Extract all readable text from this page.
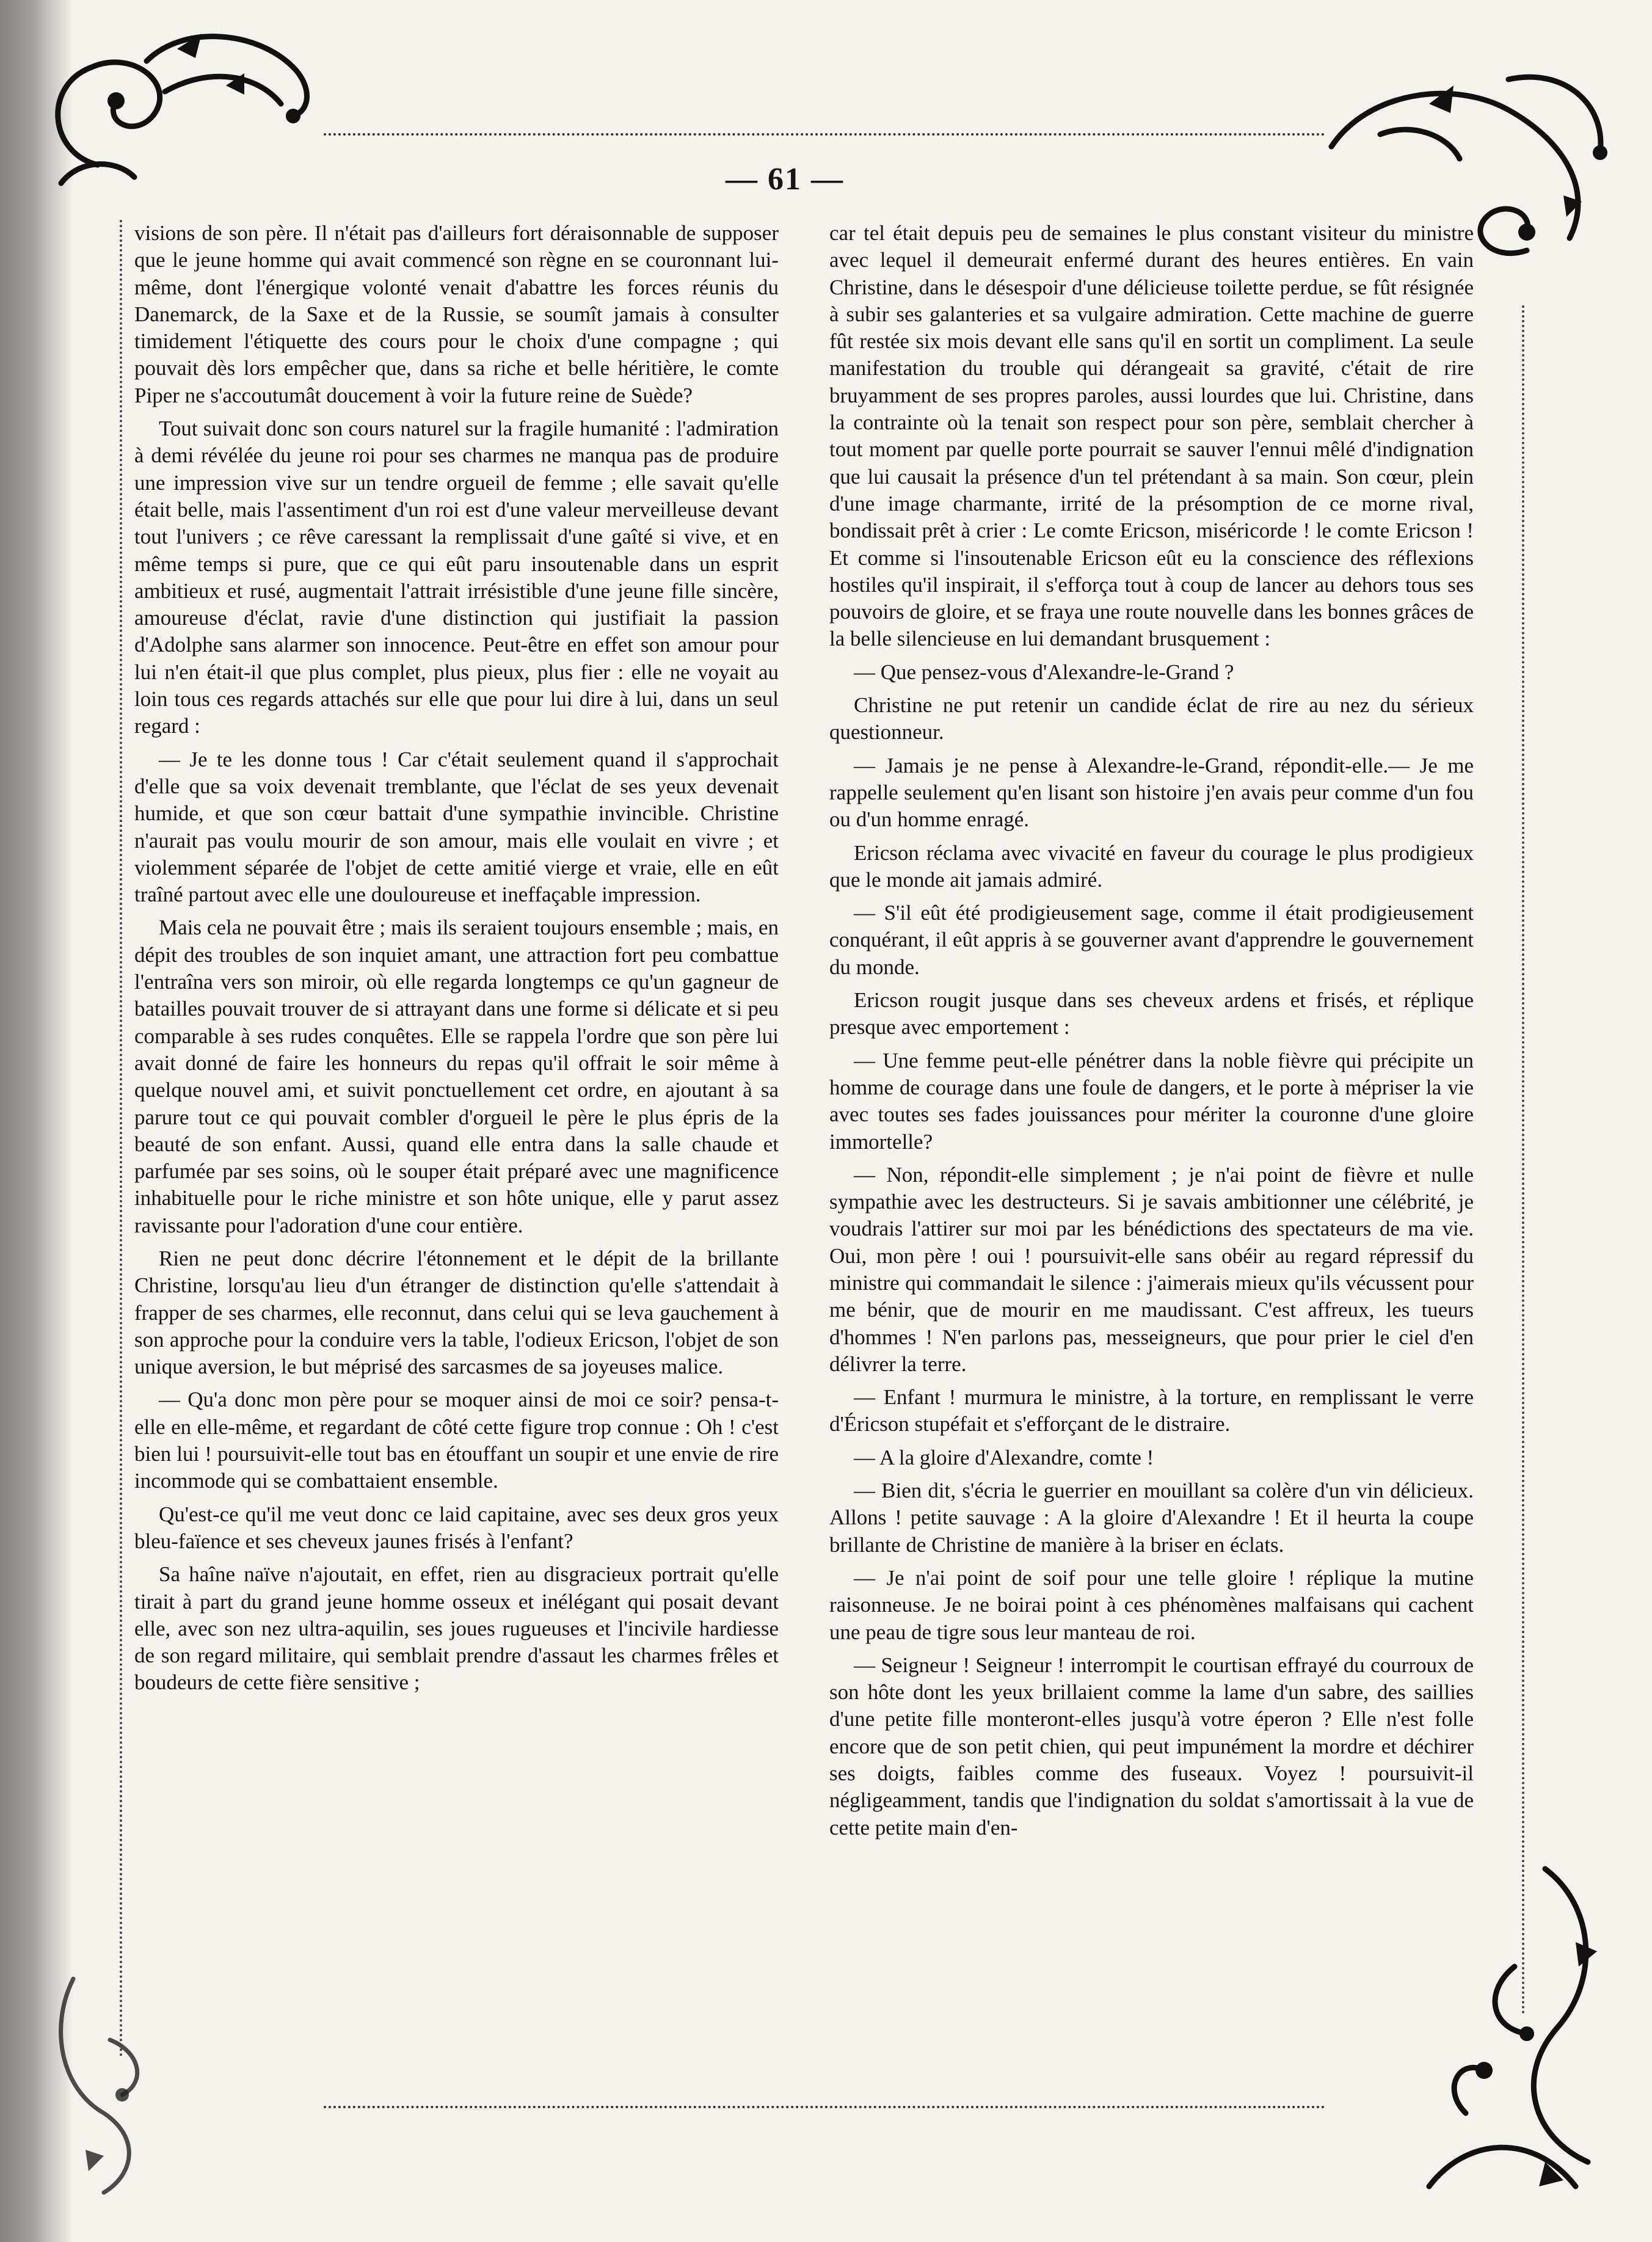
— 61 —

visions de son père. Il n'était pas d'ailleurs fort déraisonnable de supposer que le jeune homme qui avait commencé son règne en se couronnant lui-même, dont l'énergique volonté venait d'abattre les forces réunis du Danemarck, de la Saxe et de la Russie, se soumît jamais à consulter timidement l'étiquette des cours pour le choix d'une compagne ; qui pouvait dès lors empêcher que, dans sa riche et belle héritière, le comte Piper ne s'accoutumât doucement à voir la future reine de Suède?

Tout suivait donc son cours naturel sur la fragile humanité : l'admiration à demi révélée du jeune roi pour ses charmes ne manqua pas de produire une impression vive sur un tendre orgueil de femme ; elle savait qu'elle était belle, mais l'assentiment d'un roi est d'une valeur merveilleuse devant tout l'univers ; ce rêve caressant la remplissait d'une gaîté si vive, et en même temps si pure, que ce qui eût paru insoutenable dans un esprit ambitieux et rusé, augmentait l'attrait irrésistible d'une jeune fille sincère, amoureuse d'éclat, ravie d'une distinction qui justifiait la passion d'Adolphe sans alarmer son innocence. Peut-être en effet son amour pour lui n'en était-il que plus complet, plus pieux, plus fier : elle ne voyait au loin tous ces regards attachés sur elle que pour lui dire à lui, dans un seul regard :

— Je te les donne tous ! Car c'était seulement quand il s'approchait d'elle que sa voix devenait tremblante, que l'éclat de ses yeux devenait humide, et que son cœur battait d'une sympathie invincible. Christine n'aurait pas voulu mourir de son amour, mais elle voulait en vivre ; et violemment séparée de l'objet de cette amitié vierge et vraie, elle en eût traîné partout avec elle une douloureuse et ineffaçable impression.

Mais cela ne pouvait être ; mais ils seraient toujours ensemble ; mais, en dépit des troubles de son inquiet amant, une attraction fort peu combattue l'entraîna vers son miroir, où elle regarda longtemps ce qu'un gagneur de batailles pouvait trouver de si attrayant dans une forme si délicate et si peu comparable à ses rudes conquêtes. Elle se rappela l'ordre que son père lui avait donné de faire les honneurs du repas qu'il offrait le soir même à quelque nouvel ami, et suivit ponctuellement cet ordre, en ajoutant à sa parure tout ce qui pouvait combler d'orgueil le père le plus épris de la beauté de son enfant. Aussi, quand elle entra dans la salle chaude et parfumée par ses soins, où le souper était préparé avec une magnificence inhabituelle pour le riche ministre et son hôte unique, elle y parut assez ravissante pour l'adoration d'une cour entière.

Rien ne peut donc décrire l'étonnement et le dépit de la brillante Christine, lorsqu'au lieu d'un étranger de distinction qu'elle s'attendait à frapper de ses charmes, elle reconnut, dans celui qui se leva gauchement à son approche pour la conduire vers la table, l'odieux Ericson, l'objet de son unique aversion, le but méprisé des sarcasmes de sa joyeuses malice.

— Qu'a donc mon père pour se moquer ainsi de moi ce soir? pensa-t-elle en elle-même, et regardant de côté cette figure trop connue : Oh ! c'est bien lui ! poursuivit-elle tout bas en étouffant un soupir et une envie de rire incommode qui se combattaient ensemble.

Qu'est-ce qu'il me veut donc ce laid capitaine, avec ses deux gros yeux bleu-faïence et ses cheveux jaunes frisés à l'enfant?

Sa haîne naïve n'ajoutait, en effet, rien au disgracieux portrait qu'elle tirait à part du grand jeune homme osseux et inélégant qui posait devant elle, avec son nez ultra-aquilin, ses joues rugueuses et l'incivile hardiesse de son regard militaire, qui semblait prendre d'assaut les charmes frêles et boudeurs de cette fière sensitive ;

car tel était depuis peu de semaines le plus constant visiteur du ministre avec lequel il demeurait enfermé durant des heures entières. En vain Christine, dans le désespoir d'une délicieuse toilette perdue, se fût résignée à subir ses galanteries et sa vulgaire admiration. Cette machine de guerre fût restée six mois devant elle sans qu'il en sortit un compliment. La seule manifestation du trouble qui dérangeait sa gravité, c'était de rire bruyamment de ses propres paroles, aussi lourdes que lui. Christine, dans la contrainte où la tenait son respect pour son père, semblait chercher à tout moment par quelle porte pourrait se sauver l'ennui mêlé d'indignation que lui causait la présence d'un tel prétendant à sa main. Son cœur, plein d'une image charmante, irrité de la présomption de ce morne rival, bondissait prêt à crier : Le comte Ericson, miséricorde ! le comte Ericson ! Et comme si l'insoutenable Ericson eût eu la conscience des réflexions hostiles qu'il inspirait, il s'efforça tout à coup de lancer au dehors tous ses pouvoirs de gloire, et se fraya une route nouvelle dans les bonnes grâces de la belle silencieuse en lui demandant brusquement :

— Que pensez-vous d'Alexandre-le-Grand ?

Christine ne put retenir un candide éclat de rire au nez du sérieux questionneur.

— Jamais je ne pense à Alexandre-le-Grand, répondit-elle.— Je me rappelle seulement qu'en lisant son histoire j'en avais peur comme d'un fou ou d'un homme enragé.

Ericson réclama avec vivacité en faveur du courage le plus prodigieux que le monde ait jamais admiré.

— S'il eût été prodigieusement sage, comme il était prodigieusement conquérant, il eût appris à se gouverner avant d'apprendre le gouvernement du monde.

Ericson rougit jusque dans ses cheveux ardens et frisés, et réplique presque avec emportement :

— Une femme peut-elle pénétrer dans la noble fièvre qui précipite un homme de courage dans une foule de dangers, et le porte à mépriser la vie avec toutes ses fades jouissances pour mériter la couronne d'une gloire immortelle?

— Non, répondit-elle simplement ; je n'ai point de fièvre et nulle sympathie avec les destructeurs. Si je savais ambitionner une célébrité, je voudrais l'attirer sur moi par les bénédictions des spectateurs de ma vie. Oui, mon père ! oui ! poursuivit-elle sans obéir au regard répressif du ministre qui commandait le silence : j'aimerais mieux qu'ils vécussent pour me bénir, que de mourir en me maudissant. C'est affreux, les tueurs d'hommes ! N'en parlons pas, messeigneurs, que pour prier le ciel d'en délivrer la terre.

— Enfant ! murmura le ministre, à la torture, en remplissant le verre d'Éricson stupéfait et s'efforçant de le distraire.

— A la gloire d'Alexandre, comte !

— Bien dit, s'écria le guerrier en mouillant sa colère d'un vin délicieux. Allons ! petite sauvage : A la gloire d'Alexandre ! Et il heurta la coupe brillante de Christine de manière à la briser en éclats.

— Je n'ai point de soif pour une telle gloire ! réplique la mutine raisonneuse. Je ne boirai point à ces phénomènes malfaisans qui cachent une peau de tigre sous leur manteau de roi.

— Seigneur ! Seigneur ! interrompit le courtisan effrayé du courroux de son hôte dont les yeux brillaient comme la lame d'un sabre, des saillies d'une petite fille monteront-elles jusqu'à votre éperon ? Elle n'est folle encore que de son petit chien, qui peut impunément la mordre et déchirer ses doigts, faibles comme des fuseaux. Voyez ! poursuivit-il négligeamment, tandis que l'indignation du soldat s'amortissait à la vue de cette petite main d'en-
